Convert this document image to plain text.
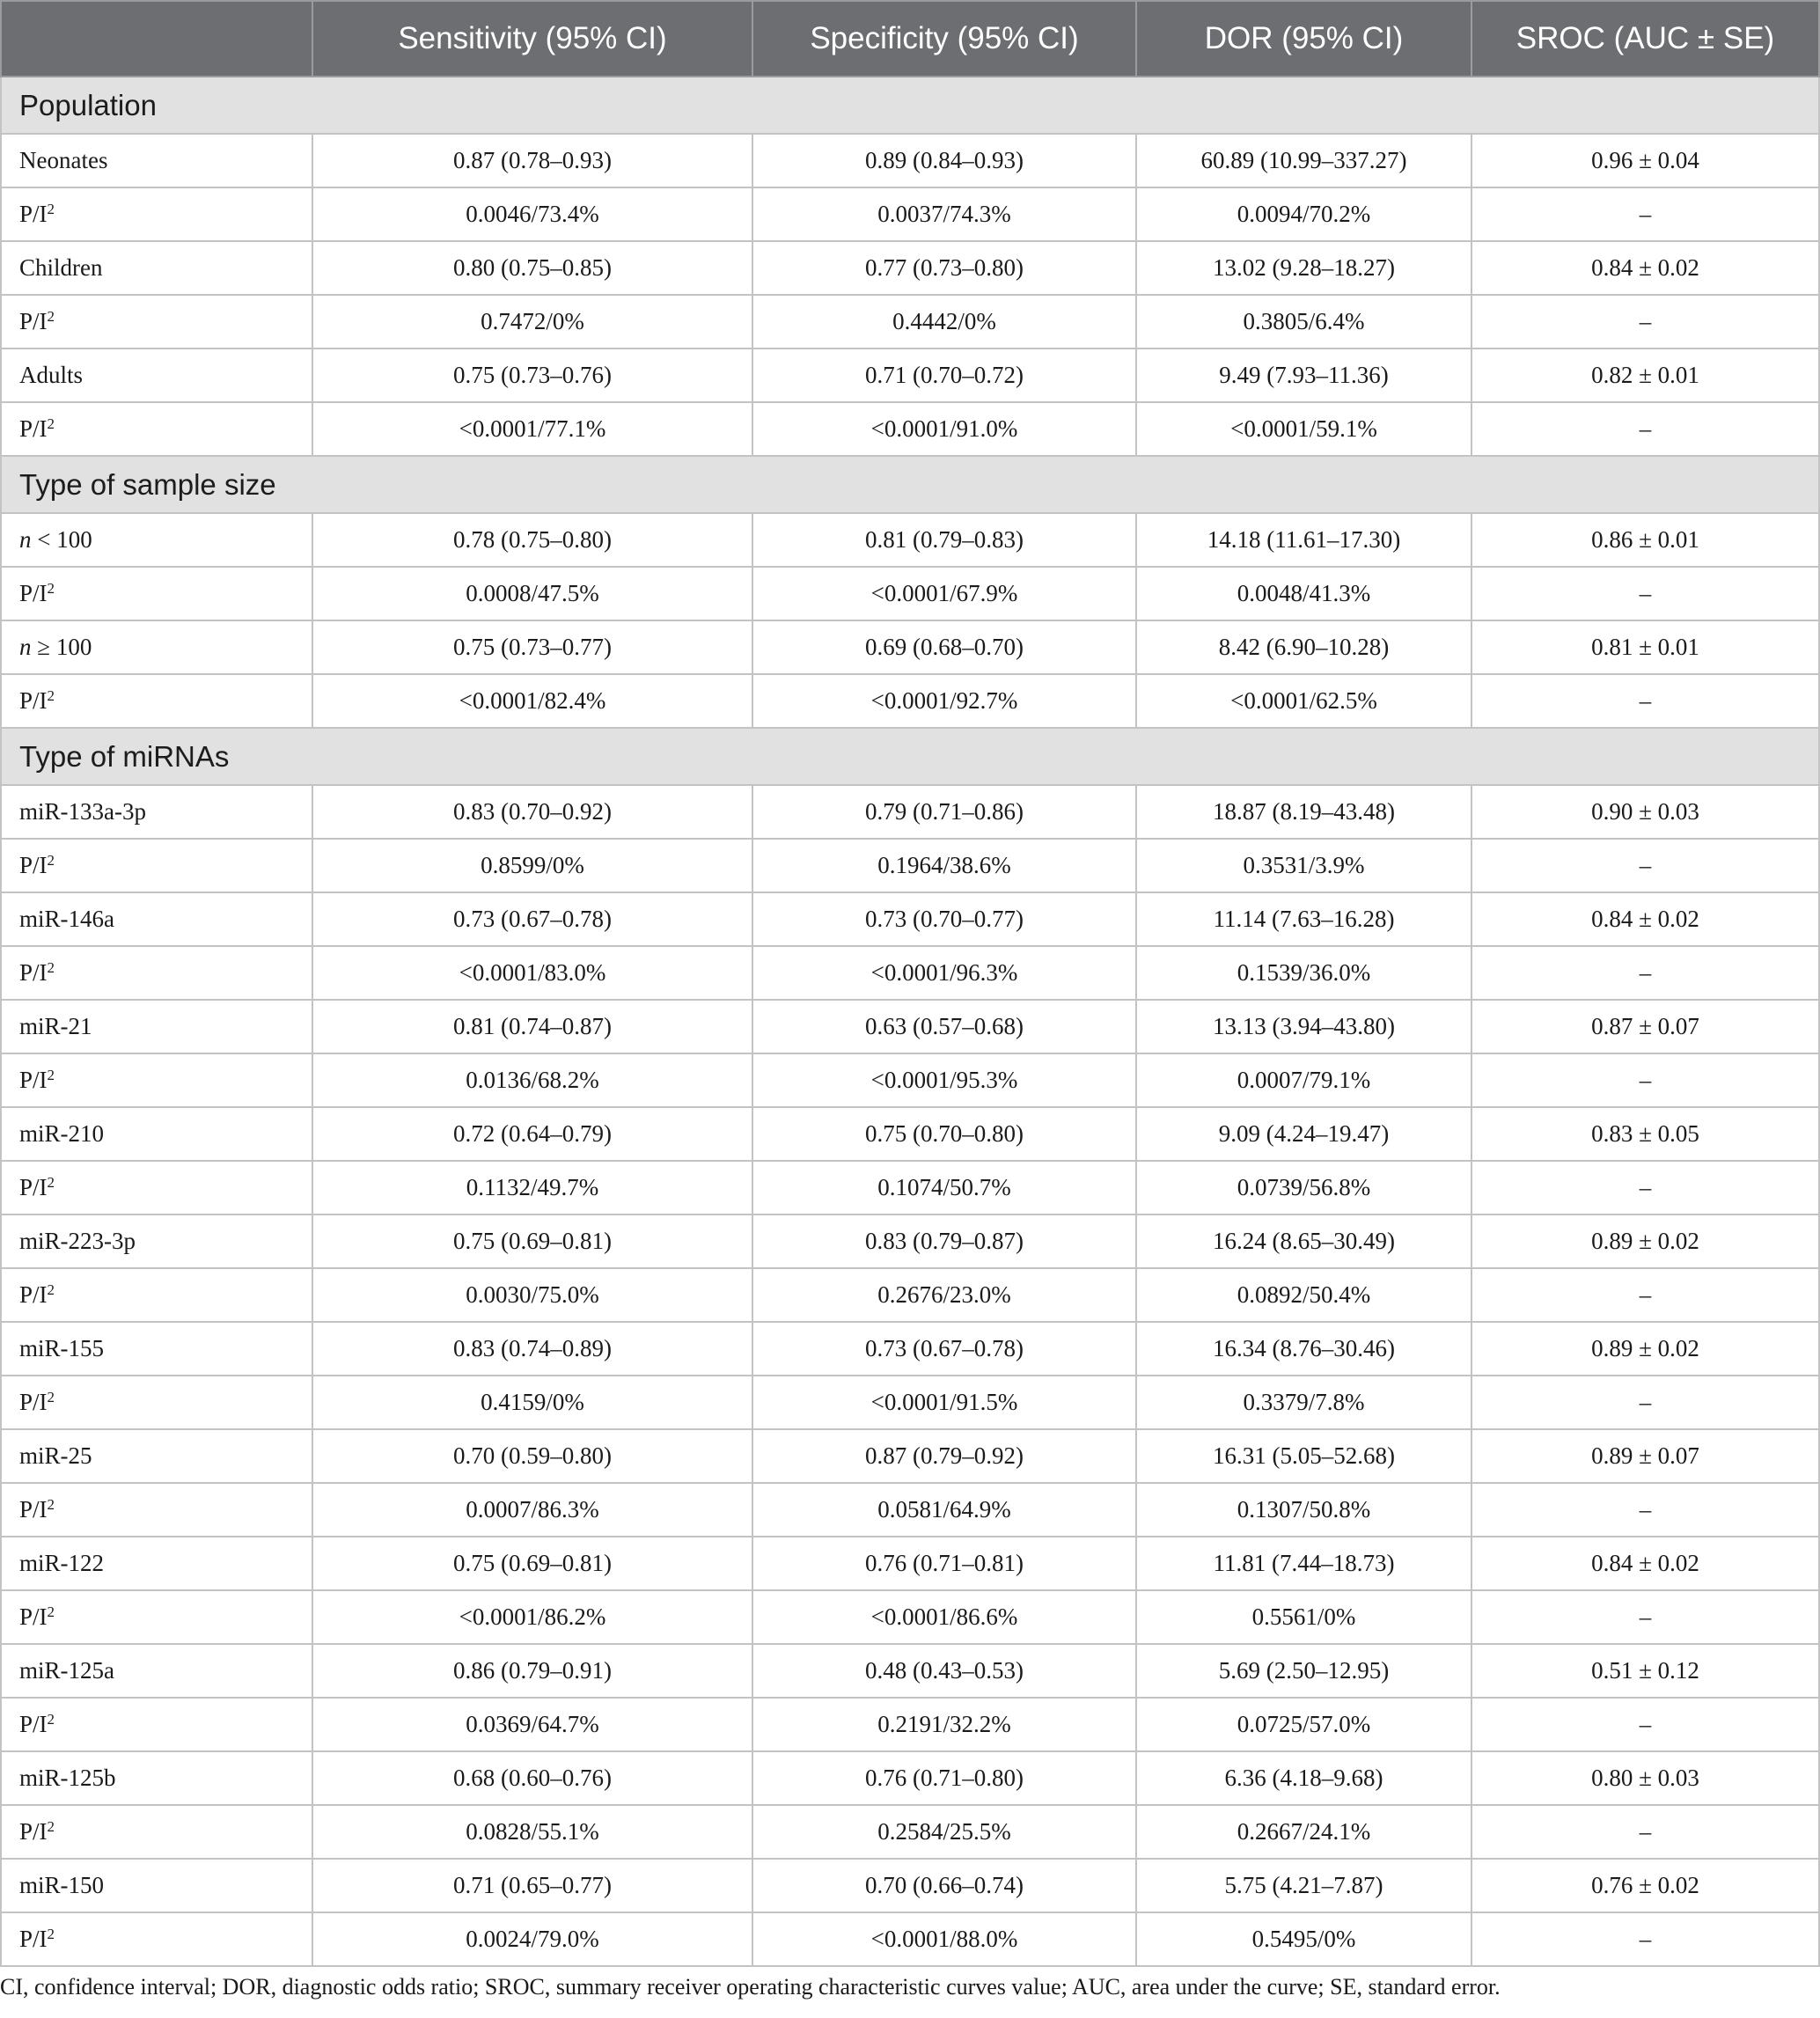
	Sensitivity (95% CI)	Specificity (95% CI)	DOR (95% CI)	SROC (AUC ± SE)
Population				
Neonates	0.87 (0.78–0.93)	0.89 (0.84–0.93)	60.89 (10.99–337.27)	0.96 ± 0.04
$P/I^2$	0.0046/73.4%	0.0037/74.3%	0.0094/70.2%	–
Children	0.80 (0.75–0.85)	0.77 (0.73–0.80)	13.02 (9.28–18.27)	0.84 ± 0.02
$P/I^2$	0.7472/0%	0.4442/0%	0.3805/6.4%	–
Adults	0.75 (0.73–0.76)	0.71 (0.70–0.72)	9.49 (7.93–11.36)	0.82 ± 0.01
$P/I^2$	<0.0001/77.1%	<0.0001/91.0%	<0.0001/59.1%	–
Type of sample size				
n < 100	0.78 (0.75–0.80)	0.81 (0.79–0.83)	14.18 (11.61–17.30)	0.86 ± 0.01
$P/I^2$	0.0008/47.5%	<0.0001/67.9%	0.0048/41.3%	–
n ≥ 100	0.75 (0.73–0.77)	0.69 (0.68–0.70)	8.42 (6.90–10.28)	0.81 ± 0.01
$P/I^2$	<0.0001/82.4%	<0.0001/92.7%	<0.0001/62.5%	–
Type of miRNAs				
miR-133a-3p	0.83 (0.70–0.92)	0.79 (0.71–0.86)	18.87 (8.19–43.48)	0.90 ± 0.03
$P/I^2$	0.8599/0%	0.1964/38.6%	0.3531/3.9%	–
miR-146a	0.73 (0.67–0.78)	0.73 (0.70–0.77)	11.14 (7.63–16.28)	0.84 ± 0.02
$P/I^2$	<0.0001/83.0%	<0.0001/96.3%	0.1539/36.0%	–
miR-21	0.81 (0.74–0.87)	0.63 (0.57–0.68)	13.13 (3.94–43.80)	0.87 ± 0.07
$P/I^2$	0.0136/68.2%	<0.0001/95.3%	0.0007/79.1%	–
miR-210	0.72 (0.64–0.79)	0.75 (0.70–0.80)	9.09 (4.24–19.47)	0.83 ± 0.05
$P/I^2$	0.1132/49.7%	0.1074/50.7%	0.0739/56.8%	–
miR-223-3p	0.75 (0.69–0.81)	0.83 (0.79–0.87)	16.24 (8.65–30.49)	0.89 ± 0.02
$P/I^2$	0.0030/75.0%	0.2676/23.0%	0.0892/50.4%	–
miR-155	0.83 (0.74–0.89)	0.73 (0.67–0.78)	16.34 (8.76–30.46)	0.89 ± 0.02
$P/I^2$	0.4159/0%	<0.0001/91.5%	0.3379/7.8%	–
miR-25	0.70 (0.59–0.80)	0.87 (0.79–0.92)	16.31 (5.05–52.68)	0.89 ± 0.07
$P/I^2$	0.0007/86.3%	0.0581/64.9%	0.1307/50.8%	–
miR-122	0.75 (0.69–0.81)	0.76 (0.71–0.81)	11.81 (7.44–18.73)	0.84 ± 0.02
$P/I^2$	<0.0001/86.2%	<0.0001/86.6%	0.5561/0%	–
miR-125a	0.86 (0.79–0.91)	0.48 (0.43–0.53)	5.69 (2.50–12.95)	0.51 ± 0.12
$P/I^2$	0.0369/64.7%	0.2191/32.2%	0.0725/57.0%	–
miR-125b	0.68 (0.60–0.76)	0.76 (0.71–0.80)	6.36 (4.18–9.68)	0.80 ± 0.03
$P/I^2$	0.0828/55.1%	0.2584/25.5%	0.2667/24.1%	–
miR-150	0.71 (0.65–0.77)	0.70 (0.66–0.74)	5.75 (4.21–7.87)	0.76 ± 0.02
$P/I^2$	0.0024/79.0%	<0.0001/88.0%	0.5495/0%	–
CI, confidence interval; DOR, diagnostic odds ratio; SROC, summary receiver operating characteristic curves value; AUC, area under the curve; SE, standard error.
